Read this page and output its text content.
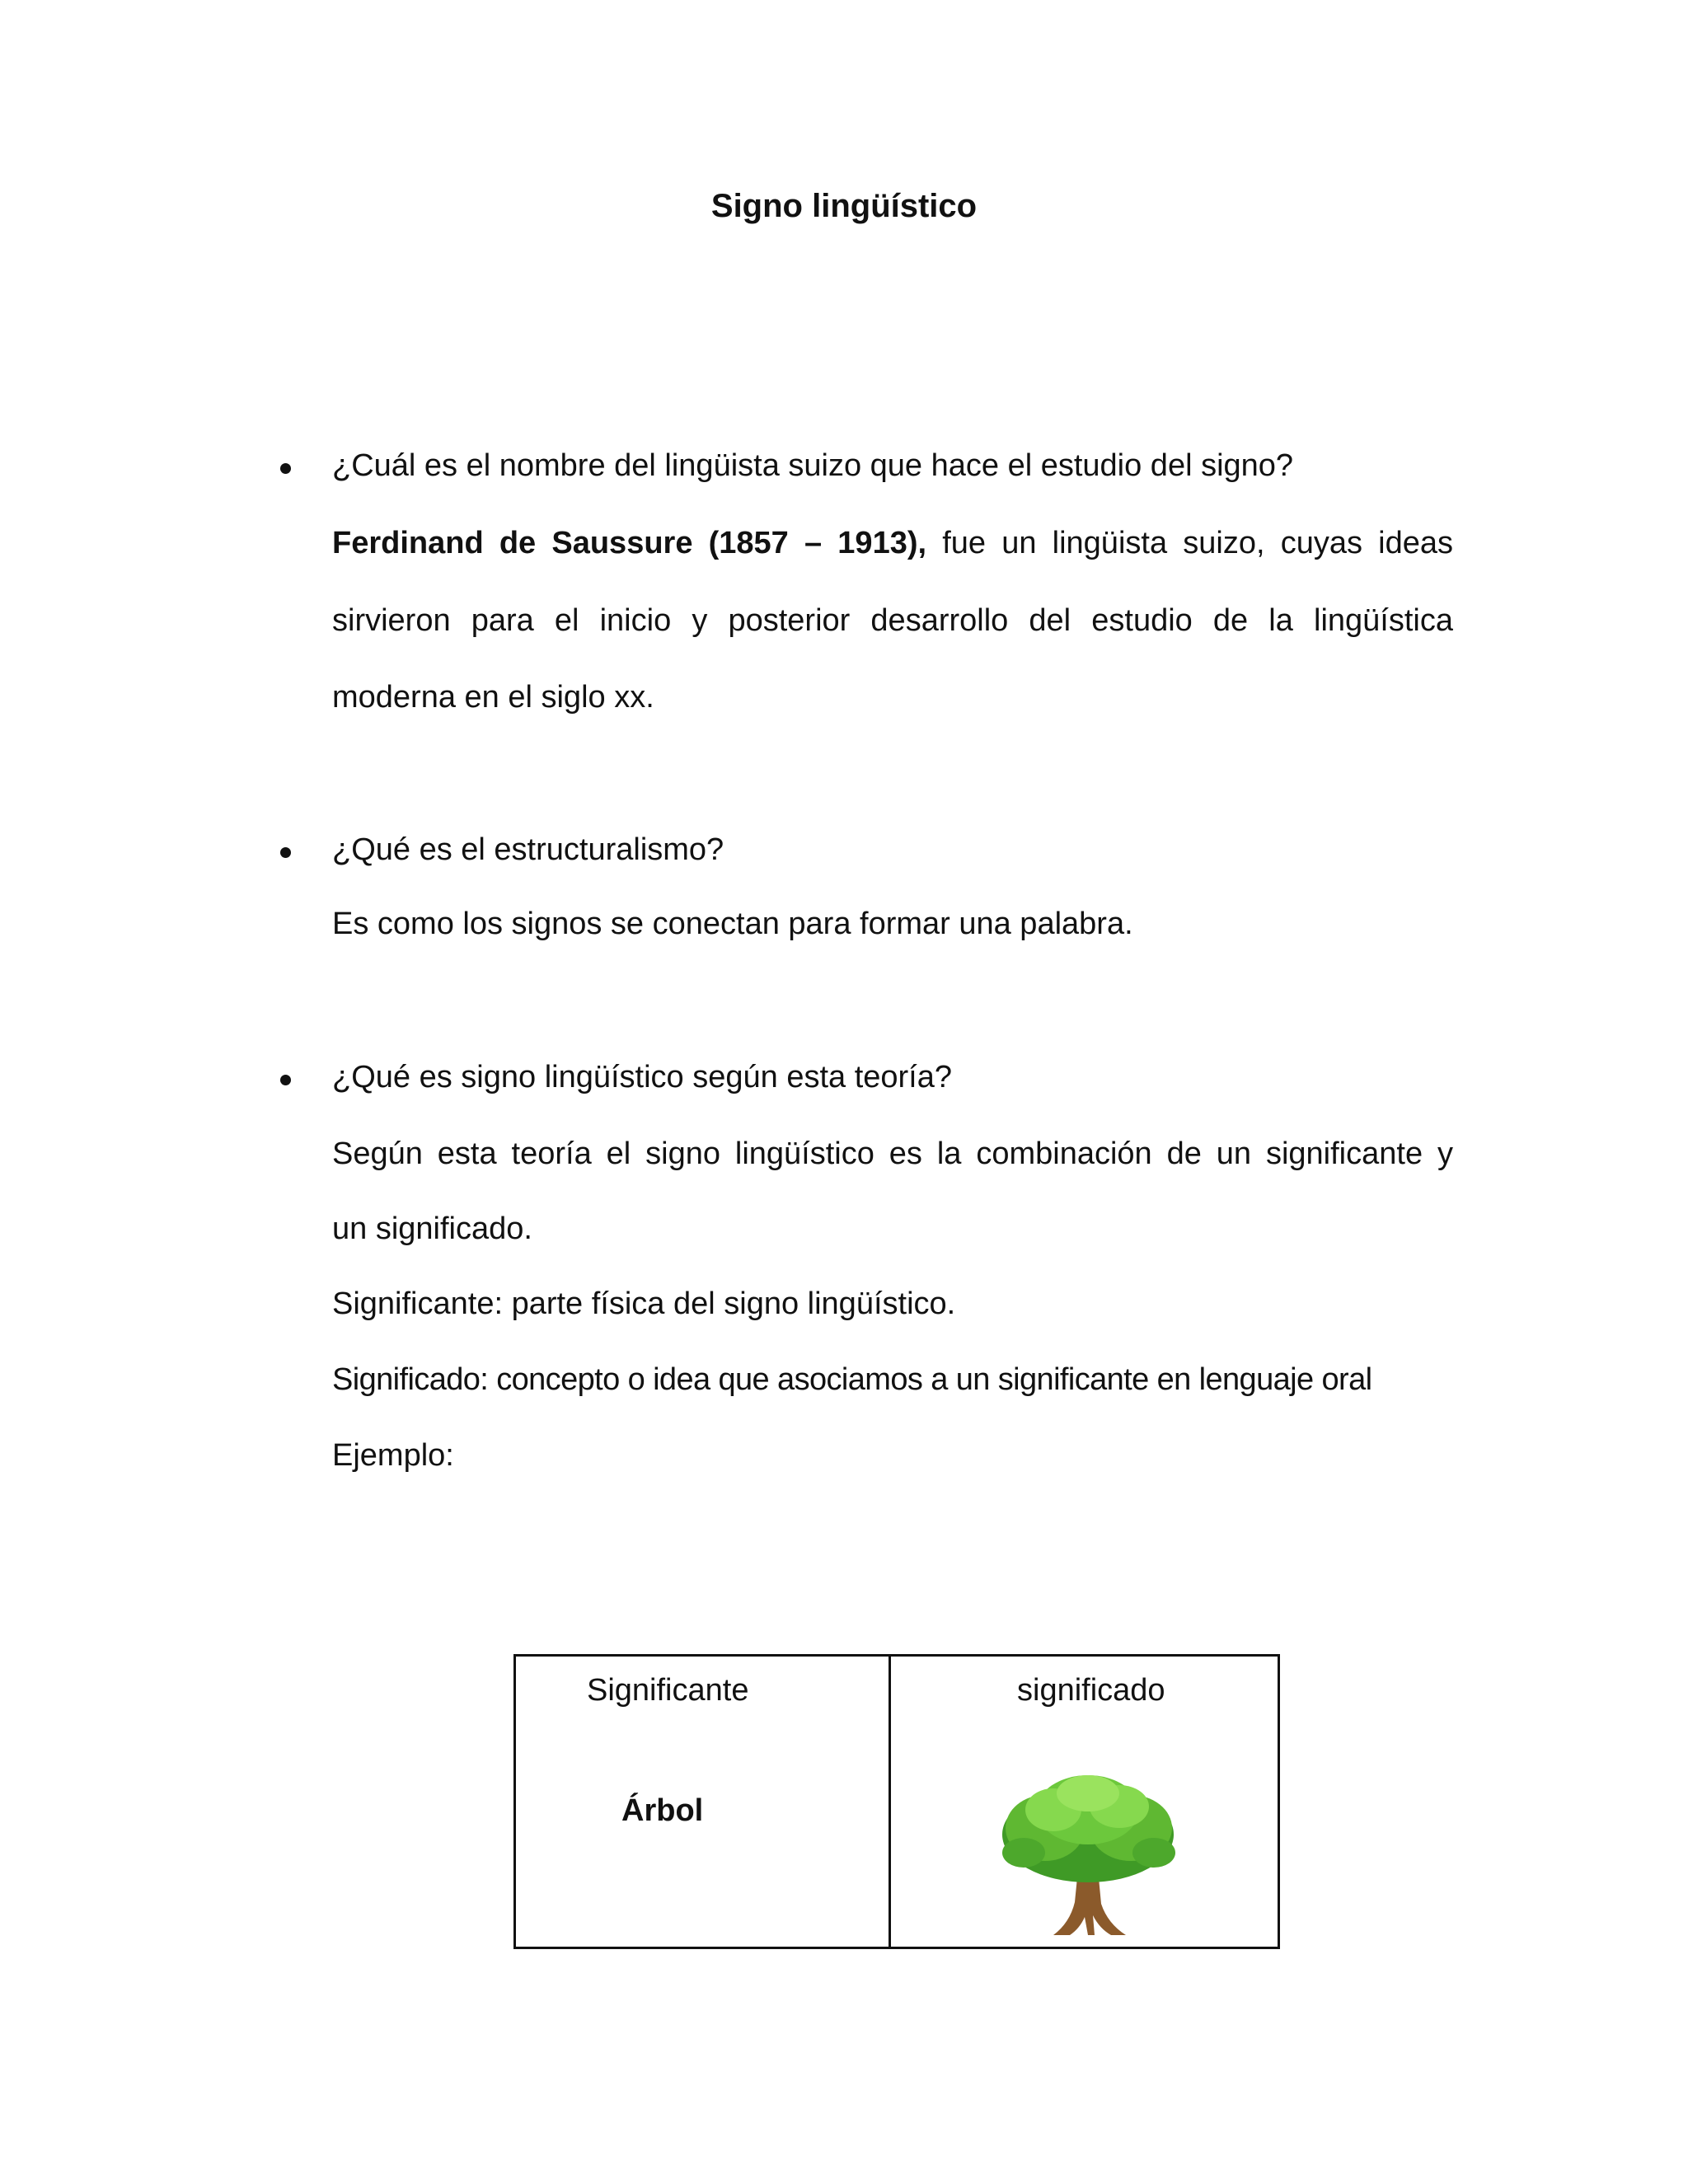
Signo lingüístico
¿Cuál es el nombre del lingüista suizo que hace el estudio del signo?
Ferdinand de Saussure (1857 – 1913), fue un lingüista suizo, cuyas ideas
sirvieron para el inicio y posterior desarrollo del estudio de la lingüística
moderna en el siglo xx.
¿Qué es el estructuralismo?
Es como los signos se conectan para formar una palabra.
¿Qué es signo lingüístico según esta teoría?
Según esta teoría el signo lingüístico es la combinación de un significante y
un significado.
Significante: parte física del signo lingüístico.
Significado: concepto o idea que asociamos a un significante en lenguaje oral
Ejemplo:
Significante	significado
Árbol
